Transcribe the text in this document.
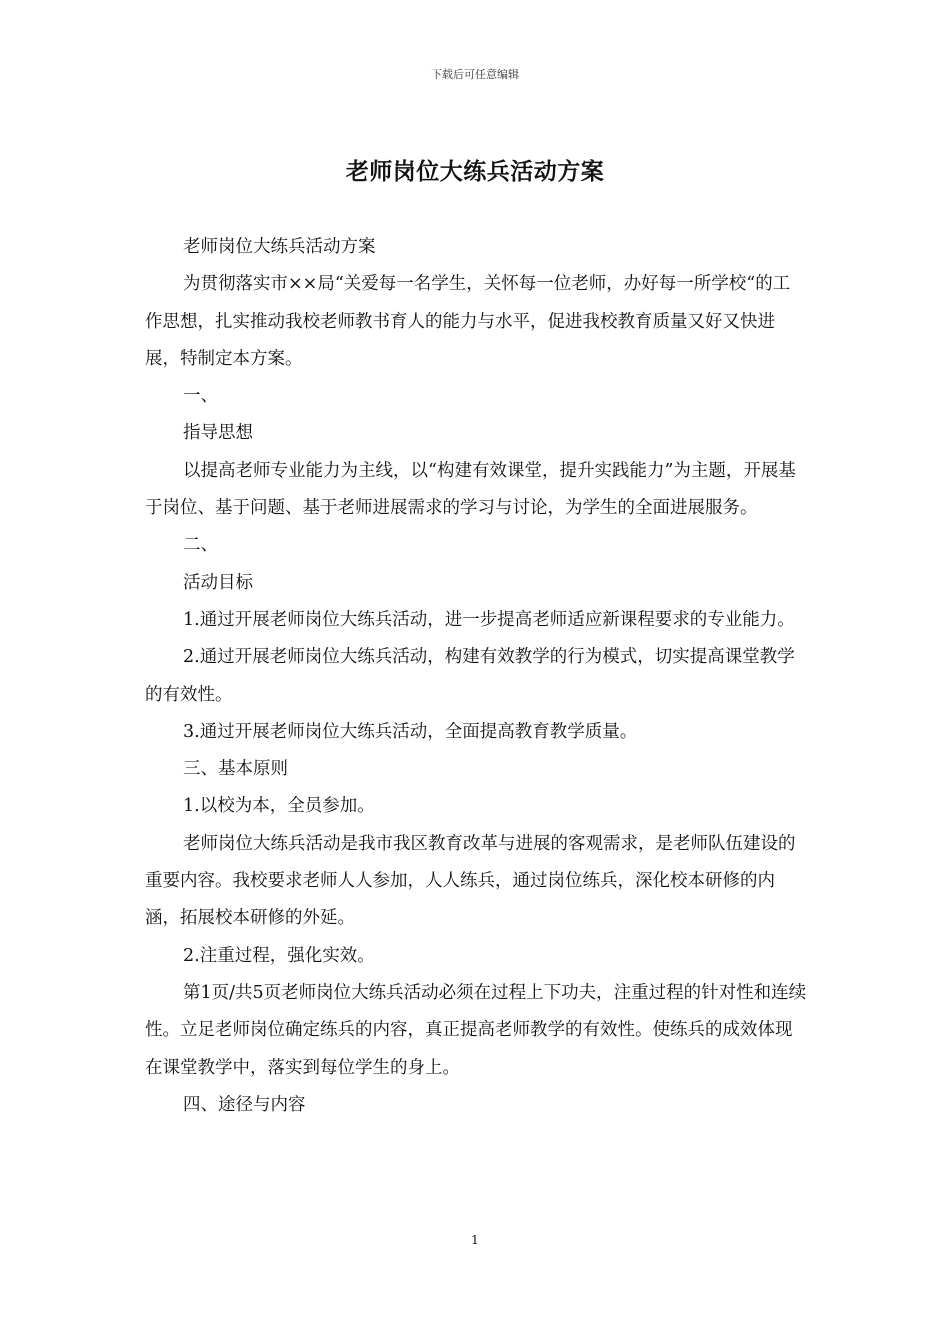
下载后可任意编辑
老师岗位大练兵活动方案

老师岗位大练兵活动方案

为贯彻落实市××局“关爱每一名学生，关怀每一位老师，办好每一所学校“的工作思想，扎实推动我校老师教书育人的能力与水平，促进我校教育质量又好又快进展，特制定本方案。

一、

指导思想

以提高老师专业能力为主线，以“构建有效课堂，提升实践能力”为主题，开展基于岗位、基于问题、基于老师进展需求的学习与讨论，为学生的全面进展服务。

二、

活动目标

1.通过开展老师岗位大练兵活动，进一步提高老师适应新课程要求的专业能力。

2.通过开展老师岗位大练兵活动，构建有效教学的行为模式，切实提高课堂教学的有效性。

3.通过开展老师岗位大练兵活动，全面提高教育教学质量。

三、基本原则

1.以校为本，全员参加。

老师岗位大练兵活动是我市我区教育改革与进展的客观需求，是老师队伍建设的重要内容。我校要求老师人人参加，人人练兵，通过岗位练兵，深化校本研修的内涵，拓展校本研修的外延。

2.注重过程，强化实效。

第1页/共5页老师岗位大练兵活动必须在过程上下功夫，注重过程的针对性和连续性。立足老师岗位确定练兵的内容，真正提高老师教学的有效性。使练兵的成效体现在课堂教学中，落实到每位学生的身上。

四、途径与内容

1
